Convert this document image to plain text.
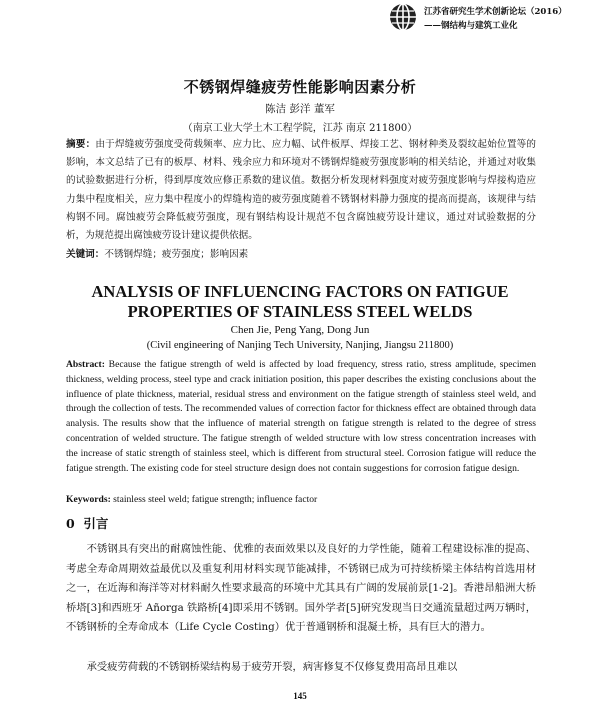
江苏省研究生学术创新论坛（2016）
——钢结构与建筑工业化
不锈钢焊缝疲劳性能影响因素分析
陈洁 彭洋 董军
（南京工业大学土木工程学院，江苏 南京 211800）
摘要：由于焊缝疲劳强度受荷载频率、应力比、应力幅、试件板厚、焊接工艺、钢材种类及裂纹起始位置等的影响，本文总结了已有的板厚、材料、残余应力和环境对不锈钢焊缝疲劳强度影响的相关结论，并通过对收集的试验数据进行分析，得到厚度效应修正系数的建议值。数据分析发现材料强度对疲劳强度影响与焊接构造应力集中程度相关，应力集中程度小的焊缝构造的疲劳强度随着不锈钢材料静力强度的提高而提高，该规律与结构钢不同。腐蚀疲劳会降低疲劳强度，现有钢结构设计规范不包含腐蚀疲劳设计建议，通过对试验数据的分析，为规范提出腐蚀疲劳设计建议提供依据。
关键词：不锈钢焊缝；疲劳强度；影响因素
ANALYSIS OF INFLUENCING FACTORS ON FATIGUE
PROPERTIES OF STAINLESS STEEL WELDS
Chen Jie, Peng Yang, Dong Jun
(Civil engineering of Nanjing Tech University, Nanjing, Jiangsu 211800)
Abstract: Because the fatigue strength of weld is affected by load frequency, stress ratio, stress amplitude, specimen thickness, welding process, steel type and crack initiation position, this paper describes the existing conclusions about the influence of plate thickness, material, residual stress and environment on the fatigue strength of stainless steel weld, and through the collection of tests. The recommended values of correction factor for thickness effect are obtained through data analysis. The results show that the influence of material strength on fatigue strength is related to the degree of stress concentration of welded structure. The fatigue strength of welded structure with low stress concentration increases with the increase of static strength of stainless steel, which is different from structural steel. Corrosion fatigue will reduce the fatigue strength. The existing code for steel structure design does not contain suggestions for corrosion fatigue design.
Keywords: stainless steel weld; fatigue strength; influence factor
0 引言
不锈钢具有突出的耐腐蚀性能、优雅的表面效果以及良好的力学性能，随着工程建设标准的提高、考虑全寿命周期效益最优以及重复利用材料实现节能减排，不锈钢已成为可持续桥梁主体结构首选用材之一，在近海和海洋等对材料耐久性要求最高的环境中尤其具有广阔的发展前景[1-2]。香港昂船洲大桥桥塔[3]和西班牙 Añorga 铁路桥[4]即采用不锈钢。国外学者[5]研究发现当日交通流量超过两万辆时，不锈钢桥的全寿命成本（Life Cycle Costing）优于普通钢桥和混凝土桥，具有巨大的潜力。
承受疲劳荷载的不锈钢桥梁结构易于疲劳开裂，病害修复不仅修复费用高昂且难以
145
